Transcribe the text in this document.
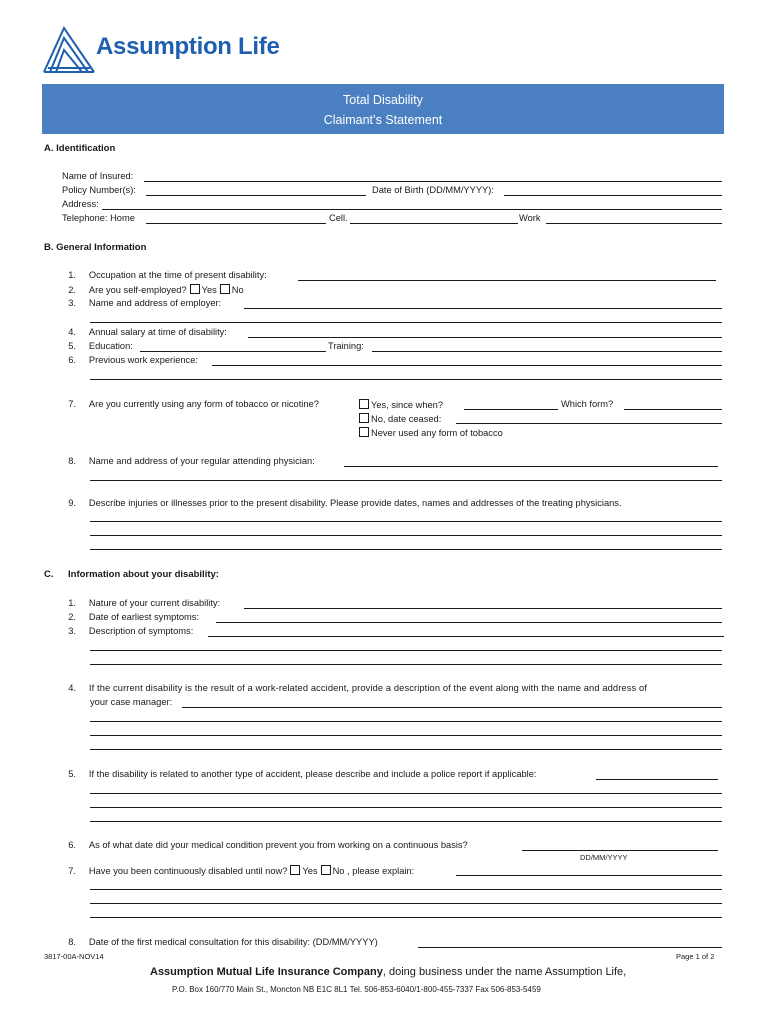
Assumption Life
Total Disability
Claimant’s Statement
A. Identification
Name of Insured:
Policy Number(s):	Date of Birth (DD/MM/YYYY):
Address:
Telephone: Home	Cell.	Work
B. General Information
1. Occupation at the time of present disability:
2. Are you self-employed? Yes No
3. Name and address of employer:
4. Annual salary at time of disability:
5. Education:	Training:
6. Previous work experience:
7. Are you currently using any form of tobacco or nicotine?	Yes, since when?	Which form?
No, date ceased:
Never used any form of tobacco
8. Name and address of your regular attending physician:
9. Describe injuries or illnesses prior to the present disability. Please provide dates, names and addresses of the treating physicians.
C. Information about your disability:
1. Nature of your current disability:
2. Date of earliest symptoms:
3. Description of symptoms:
4. If the current disability is the result of a work-related accident, provide a description of the event along with the name and address of
your case manager:
5. If the disability is related to another type of accident, please describe and include a police report if applicable:
6. As of what date did your medical condition prevent you from working on a continuous basis?
DD/MM/YYYY
7. Have you been continuously disabled until now? Yes No , please explain:
8. Date of the first medical consultation for this disability: (DD/MM/YYYY)
3817-00A-NOV14	Page 1 of 2
Assumption Mutual Life Insurance Company, doing business under the name Assumption Life,
P.O. Box 160/770 Main St., Moncton NB E1C 8L1 Tel. 506-853-6040/1-800-455-7337 Fax 506-853-5459
